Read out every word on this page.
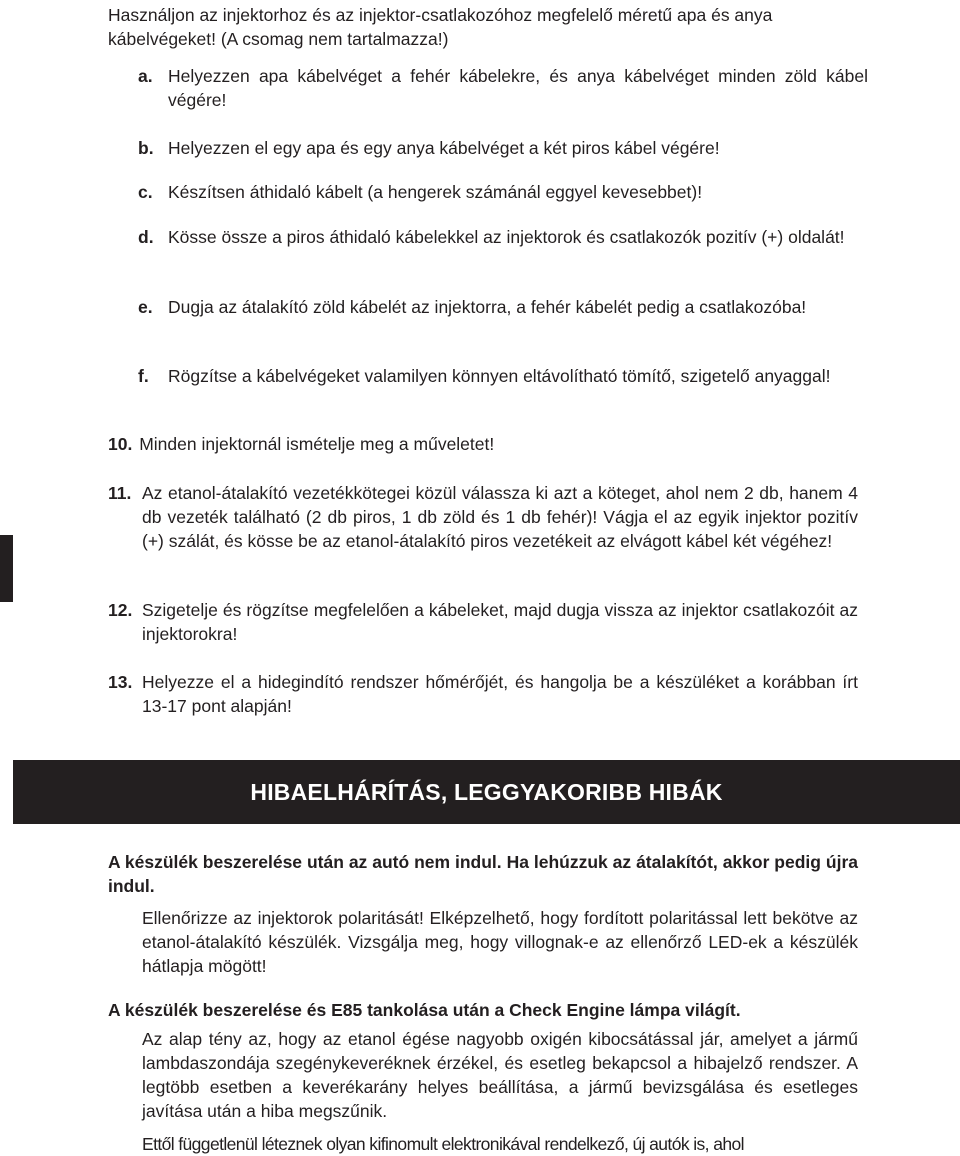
Használjon az injektorhoz és az injektor-csatlakozóhoz megfelelő méretű apa és anya kábelvégeket! (A csomag nem tartalmazza!)

a. Helyezzen apa kábelvéget a fehér kábelekre, és anya kábelvéget minden zöld kábel végére!

b. Helyezzen el egy apa és egy anya kábelvéget a két piros kábel végére!

c. Készítsen áthidaló kábelt (a hengerek számánál eggyel kevesebbet)!

d. Kösse össze a piros áthidaló kábelekkel az injektorok és csatlakozók pozitív (+) oldalát!

e. Dugja az átalakító zöld kábelét az injektorra, a fehér kábelét pedig a csatlakozóba!

f. Rögzítse a kábelvégeket valamilyen könnyen eltávolítható tömítő, szigetelő anyaggal!

10. Minden injektornál ismételje meg a műveletet!

11. Az etanol-átalakító vezetékkötegei közül válassza ki azt a köteget, ahol nem 2 db, hanem 4 db vezeték található (2 db piros, 1 db zöld és 1 db fehér)! Vágja el az egyik injektor pozitív (+) szálát, és kösse be az etanol-átalakító piros vezetékeit az elvágott kábel két végéhez!

12. Szigetelje és rögzítse megfelelően a kábeleket, majd dugja vissza az injektor csatlakozóit az injektorokra!

13. Helyezze el a hidegindító rendszer hőmérőjét, és hangolja be a készüléket a korábban írt 13-17 pont alapján!

HIBAELHÁRÍTÁS, LEGGYAKORIBB HIBÁK

A készülék beszerelése után az autó nem indul. Ha lehúzzuk az átalakítót, akkor pedig újra indul.

Ellenőrizze az injektorok polaritását! Elképzelhető, hogy fordított polaritással lett bekötve az etanol-átalakító készülék. Vizsgálja meg, hogy villognak-e az ellenőrző LED-ek a készülék hátlapja mögött!

A készülék beszerelése és E85 tankolása után a Check Engine lámpa világít.

Az alap tény az, hogy az etanol égése nagyobb oxigén kibocsátással jár, amelyet a jármű lambdaszondája szegénykeveréknek érzékel, és esetleg bekapcsol a hibajelző rendszer. A legtöbb esetben a keverékarány helyes beállítása, a jármű bevizsgálása és esetleges javítása után a hiba megszűnik.

Ettől függetlenül léteznek olyan kifinomult elektronikával rendelkező, új autók is, ahol
